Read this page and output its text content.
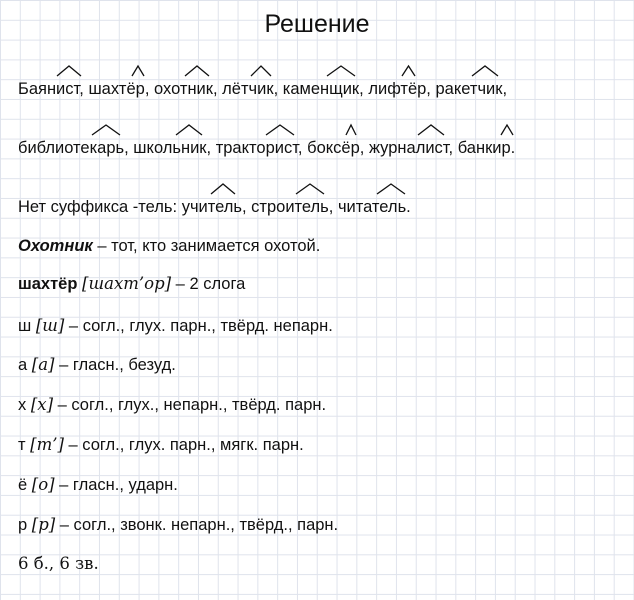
Решение
Баянист, шахтёр, охотник, лётчик, каменщик, лифтёр, ракетчик,
библиотекарь, школьник, тракторист, боксёр, журналист, банкир.
Нет суффикса -тель: учитель, строитель, читатель.
Охотник – тот, кто занимается охотой.
шахтёр [шахт’ор] – 2 слога
ш [ш] – согл., глух. парн., твёрд. непарн.
а [а] – гласн., безуд.
х [х] – согл., глух., непарн., твёрд. парн.
т [т’] – согл., глух. парн., мягк. парн.
ё [о] – гласн., ударн.
р [р] – согл., звонк. непарн., твёрд., парн.
6 б., 6 зв.
